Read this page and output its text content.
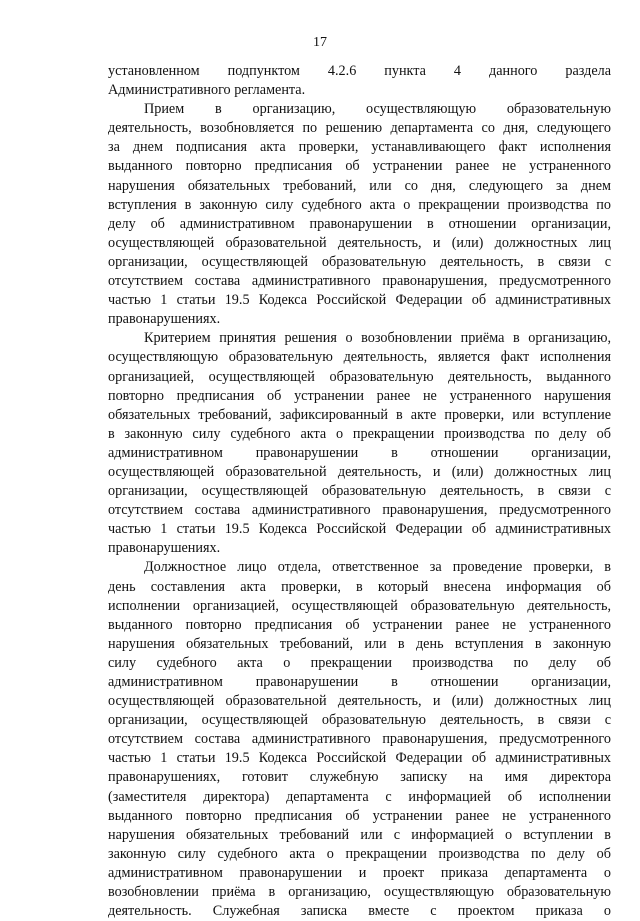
17
установленном подпунктом 4.2.6 пункта 4 данного раздела
Административного регламента.
Прием в организацию, осуществляющую образовательную
деятельность, возобновляется по решению департамента со дня, следующего
за днем подписания акта проверки, устанавливающего факт исполнения
выданного повторно предписания об устранении ранее не устраненного
нарушения обязательных требований, или со дня, следующего за днем
вступления в законную силу судебного акта о прекращении производства по
делу об административном правонарушении в отношении организации,
осуществляющей образовательной деятельность, и (или) должностных лиц
организации, осуществляющей образовательную деятельность, в связи с
отсутствием состава административного правонарушения, предусмотренного
частью 1 статьи 19.5 Кодекса Российской Федерации об административных
правонарушениях.
Критерием принятия решения о возобновлении приёма в организацию,
осуществляющую образовательную деятельность, является факт исполнения
организацией, осуществляющей образовательную деятельность, выданного
повторно предписания об устранении ранее не устраненного нарушения
обязательных требований, зафиксированный в акте проверки, или вступление
в законную силу судебного акта о прекращении производства по делу об
административном правонарушении в отношении организации,
осуществляющей образовательной деятельность, и (или) должностных лиц
организации, осуществляющей образовательную деятельность, в связи с
отсутствием состава административного правонарушения, предусмотренного
частью 1 статьи 19.5 Кодекса Российской Федерации об административных
правонарушениях.
Должностное лицо отдела, ответственное за проведение проверки, в
день составления акта проверки, в который внесена информация об
исполнении организацией, осуществляющей образовательную деятельность,
выданного повторно предписания об устранении ранее не устраненного
нарушения обязательных требований, или в день вступления в законную
силу судебного акта о прекращении производства по делу об
административном правонарушении в отношении организации,
осуществляющей образовательной деятельность, и (или) должностных лиц
организации, осуществляющей образовательную деятельность, в связи с
отсутствием состава административного правонарушения, предусмотренного
частью 1 статьи 19.5 Кодекса Российской Федерации об административных
правонарушениях, готовит служебную записку на имя директора
(заместителя директора) департамента с информацией об исполнении
выданного повторно предписания об устранении ранее не устраненного
нарушения обязательных требований или с информацией о вступлении в
законную силу судебного акта о прекращении производства по делу об
административном правонарушении и проект приказа департамента о
возобновлении приёма в организацию, осуществляющую образовательную
деятельность. Служебная записка вместе с проектом приказа о
